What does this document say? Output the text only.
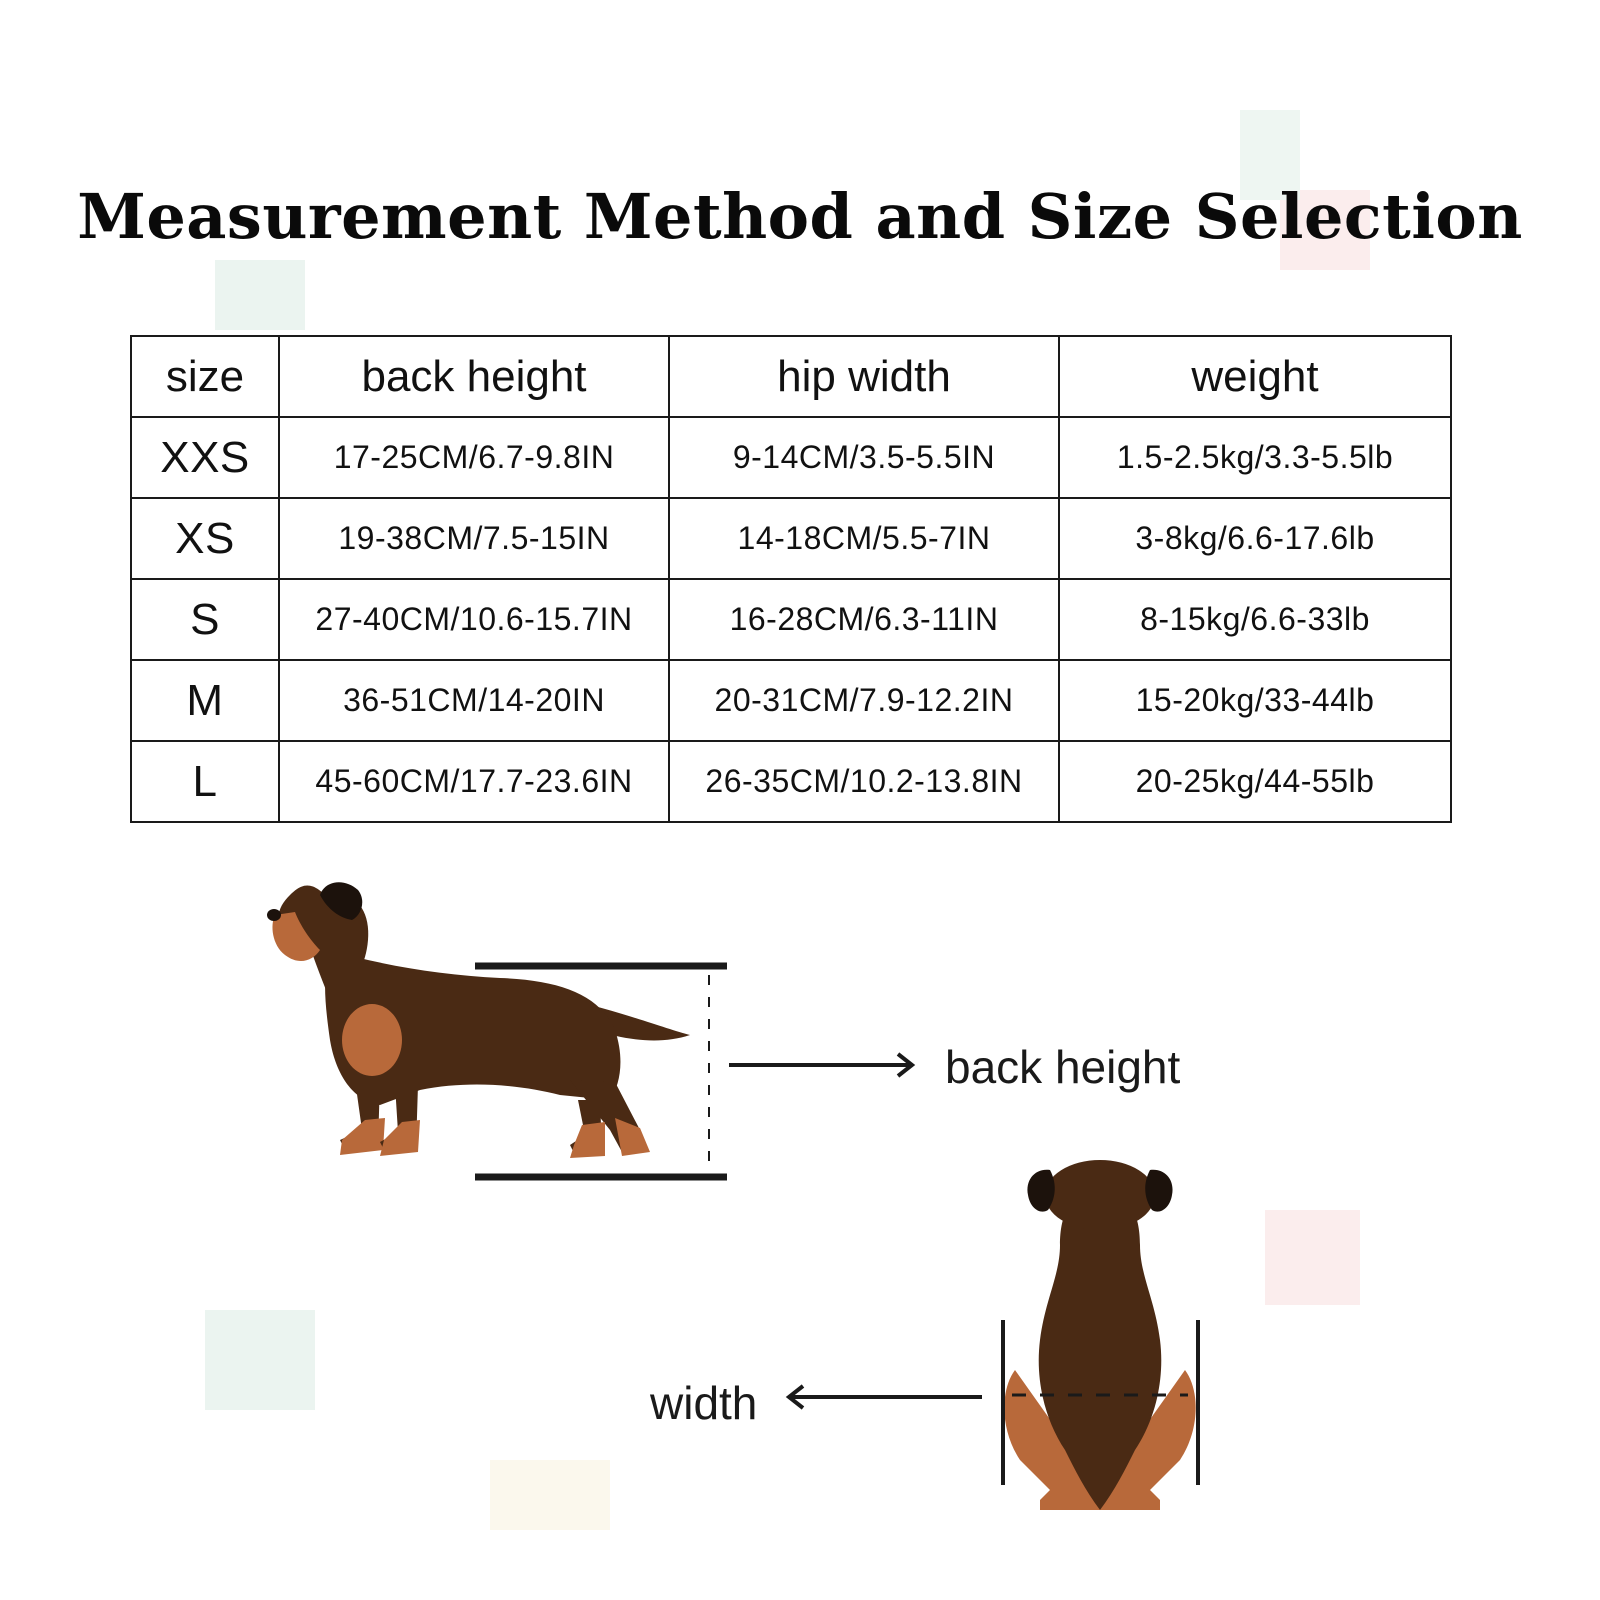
Measurement Method and Size Selection
size	back height	hip width	weight
XXS	17-25CM/6.7-9.8IN	9-14CM/3.5-5.5IN	1.5-2.5kg/3.3-5.5lb
XS	19-38CM/7.5-15IN	14-18CM/5.5-7IN	3-8kg/6.6-17.6lb
S	27-40CM/10.6-15.7IN	16-28CM/6.3-11IN	8-15kg/6.6-33lb
M	36-51CM/14-20IN	20-31CM/7.9-12.2IN	15-20kg/33-44lb
L	45-60CM/17.7-23.6IN	26-35CM/10.2-13.8IN	20-25kg/44-55lb
back height
width
